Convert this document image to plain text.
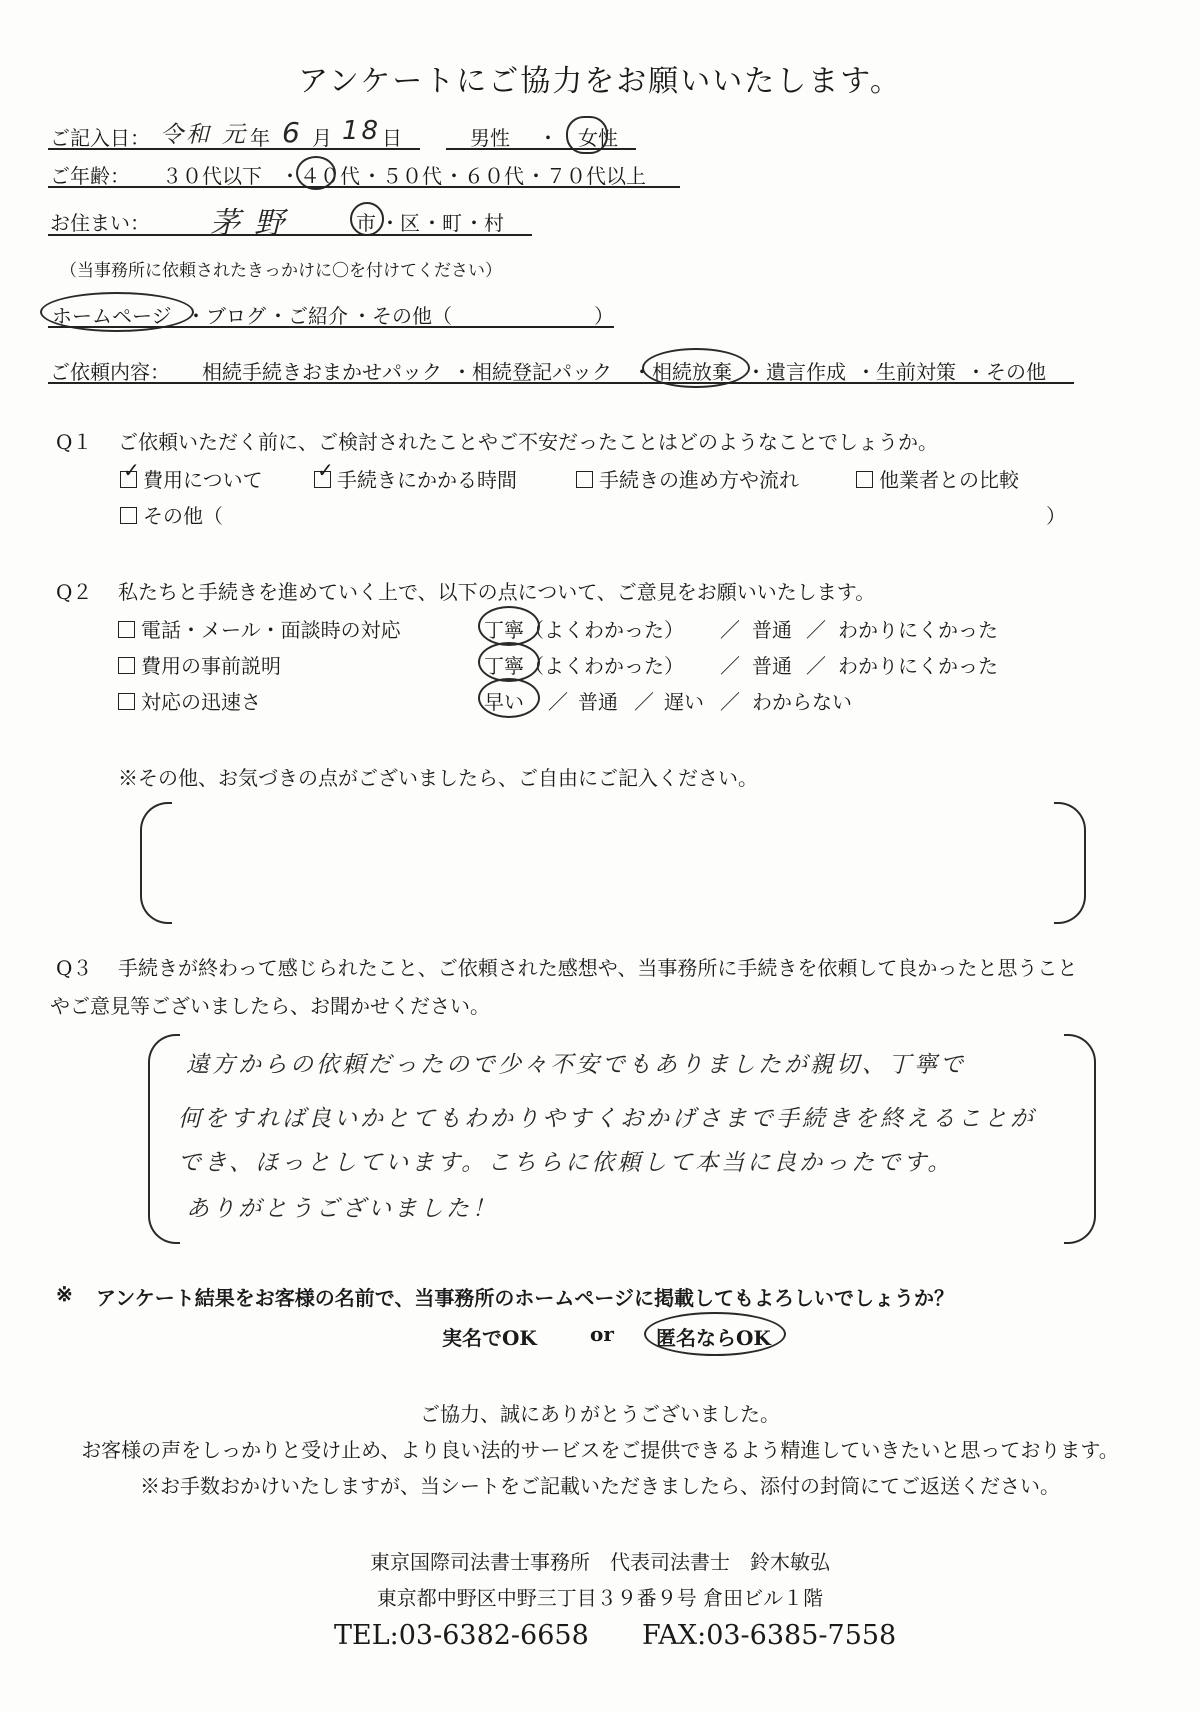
アンケートにご協力をお願いいたします。
ご記入日： 令和 元 年 6 月 18 日	男性 ・ 女性
ご年齢： ３０代以下 ・ ４０代 ・ ５０代 ・ ６０代 ・ ７０代以上
お住まい： 茅野	市 ・ 区 ・ 町 ・ 村
（当事務所に依頼されたきっかけに〇を付けてください）
ホームページ ・ ブログ ・ ご紹介 ・ その他（	）
ご依頼内容： 相続手続きおまかせパック ・ 相続登記パック ・ 相続放棄 ・ 遺言作成 ・ 生前対策 ・ その他
Q１ ご依頼いただく前に、ご検討されたことやご不安だったことはどのようなことでしょうか。
✓ 費用について	✓ 手続きにかかる時間	手続きの進め方や流れ	他業者との比較
その他（	）
Q２ 私たちと手続きを進めていく上で、以下の点について、ご意見をお願いいたします。
電話・メール・面談時の対応	丁寧（よくわかった） ／ 普通 ／ わかりにくかった
費用の事前説明	丁寧（よくわかった） ／ 普通 ／ わかりにくかった
対応の迅速さ	早い ／ 普通 ／ 遅い ／ わからない
※その他、お気づきの点がございましたら、ご自由にご記入ください。
Q３ 手続きが終わって感じられたこと、ご依頼された感想や、当事務所に手続きを依頼して良かったと思うこと
やご意見等ございましたら、お聞かせください。
遠方からの依頼だったので少々不安でもありましたが親切、丁寧で
何をすれば良いかとてもわかりやすくおかげさまで手続きを終えることが
でき、ほっとしています。こちらに依頼して本当に良かったです。
ありがとうございました！
※ アンケート結果をお客様の名前で、当事務所のホームページに掲載してもよろしいでしょうか？
実名でOK	or 匿名ならOK
ご協力、誠にありがとうございました。
お客様の声をしっかりと受け止め、より良い法的サービスをご提供できるよう精進していきたいと思っております。
※お手数おかけいたしますが、当シートをご記載いただきましたら、添付の封筒にてご返送ください。
東京国際司法書士事務所　代表司法書士　鈴木敏弘
東京都中野区中野三丁目３９番９号 倉田ビル１階
TEL:03-6382-6658 FAX:03-6385-7558
